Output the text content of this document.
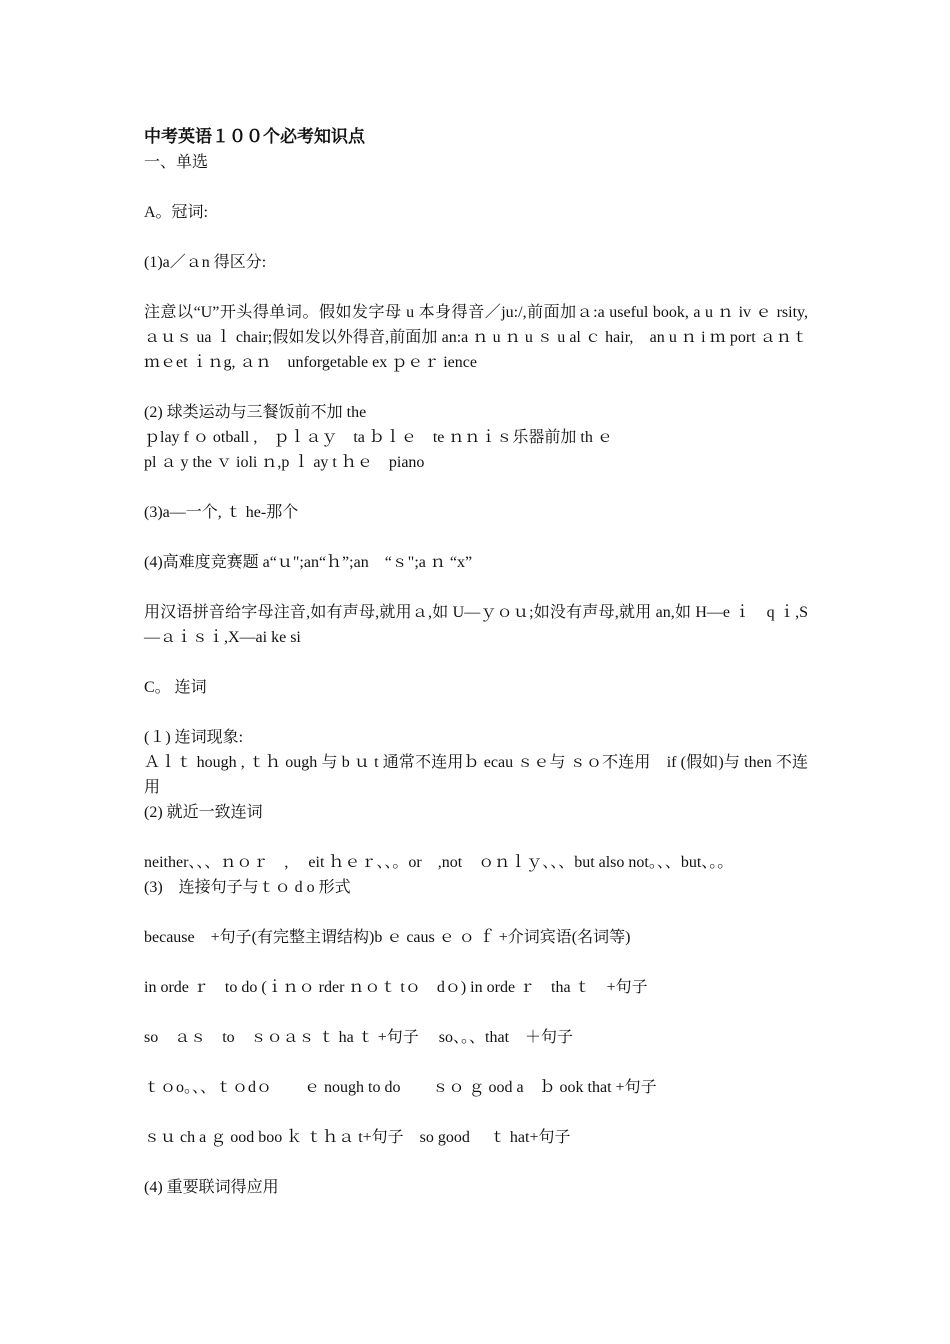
中考英语１００个必考知识点
一、单选
A。冠词:
(1)a／ａn 得区分:
注意以“U”开头得单词。假如发字母 u 本身得音／ju:/,前面加ａ:a useful book, a u ｎ iv ｅ rsity,　ａｕｓ ua ｌ chair;假如发以外得音,前面加 an:a ｎ u ｎ u ｓ u al ｃ hair,　an u ｎ i ｍ port ａｎｔ　ｍｅet ｉｎg, ａｎ　unforgetable ex ｐｅｒ ience
(2) 球类运动与三餐饭前不加 the
ｐlay f ｏ otball ,　ｐｌａｙ　ta ｂｌｅ　te ｎｎｉｓ乐器前加 th ｅ
pl ａ y the ｖ ioli ｎ,p ｌ ay t ｈｅ　piano
(3)a—一个, ｔ he-那个
(4)高难度竞赛题 a“ｕ";an“ｈ”;an　“ｓ";a ｎ “x”
用汉语拼音给字母注音,如有声母,就用ａ,如 U—ｙｏｕ;如没有声母,就用 an,如 H—e ｉ　q ｉ,S—ａｉｓｉ,X—ai ke si
C。 连词
(１) 连词现象:
Ａｌｔ hough , ｔｈ ough 与 b ｕ t 通常不连用ｂ ecau ｓｅ与 ｓｏ不连用　if (假如)与 then 不连用
(2) 就近一致连词
neither、、、ｎｏｒ　, 　eit ｈｅｒ、、。or　,not　ｏｎｌｙ、、、but also not。、、but、。。
(3)　连接句子与ｔｏ d o 形式
because　+句子(有完整主谓结构)b ｅ caus ｅ ｏ ｆ +介词宾语(名词等)
in orde ｒ　to do (ｉｎｏ rder ｎｏｔ tｏ　dｏ) in orde ｒ　tha ｔ　+句子
so　ａｓ　to　ｓｏａｓ ｔ ha ｔ +句子　 so、。、that　＋句子
ｔｏo。、、ｔｏdｏ　　ｅ nough to do　　ｓｏ ｇ ood a　ｂ ook that +句子
ｓｕ ch a ｇ ood boo ｋ ｔｈａ t+句子　so good　 ｔ hat+句子
(4) 重要联词得应用
